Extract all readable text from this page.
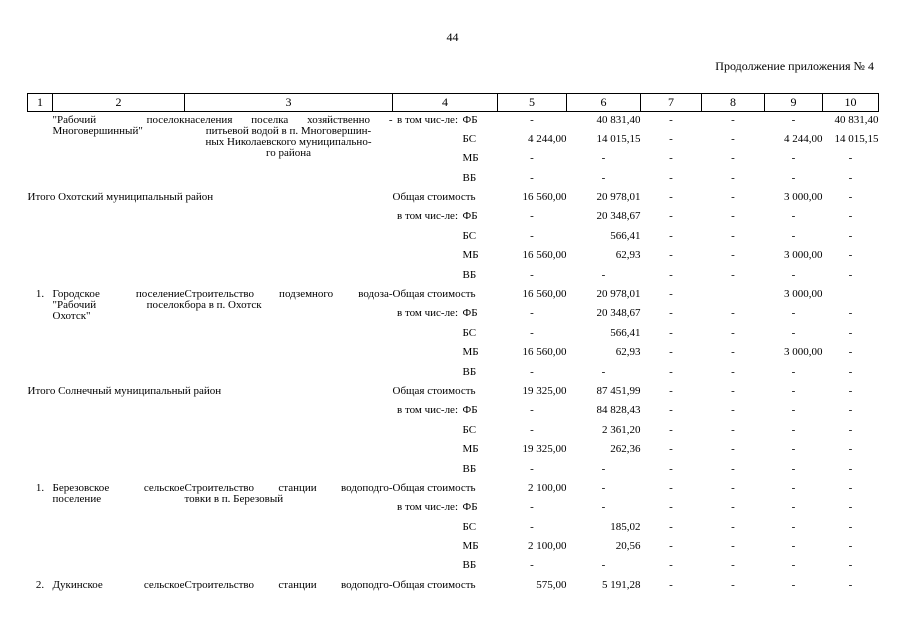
44
Продолжение приложения № 4
1	2	3	4		5	6	7	8	9	10

	"Рабочий поселок
Многовершинный"	населения поселка хозяйственно -
питьевой водой в п. Многовершин-
ных Николаевского муниципально-
го района	в том чис-ле:	ФБ	-	40 831,40	-	-	-	40 831,40
				БС	4 244,00	14 015,15	-	-	4 244,00	14 015,15
				МБ	-	-	-	-	-	-
				ВБ	-	-	-	-	-	-
Итого Охотский муниципальный район			Общая стоимость		16 560,00	20 978,01	-	-	3 000,00	-
			в том чис-ле:	ФБ	-	20 348,67	-	-	-	-
				БС	-	566,41	-	-	-	-
				МБ	16 560,00	62,93	-	-	3 000,00	-
				ВБ	-	-	-	-	-	-
1.	Городское поселение
"Рабочий поселок
Охотск"	Строительство подземного водоза-
бора в п. Охотск	Общая стоимость		16 560,00	20 978,01	-		3 000,00	
			в том чис-ле:	ФБ	-	20 348,67	-	-	-	-
				БС	-	566,41	-	-	-	-
				МБ	16 560,00	62,93	-	-	3 000,00	-
				ВБ	-	-	-	-	-	-
Итого Солнечный муниципальный район			Общая стоимость		19 325,00	87 451,99	-	-	-	-
			в том чис-ле:	ФБ	-	84 828,43	-	-	-	-
				БС	-	2 361,20	-	-	-	-
				МБ	19 325,00	262,36	-	-	-	-
				ВБ	-	-	-	-	-	-
1.	Березовское сельское
поселение	Строительство станции водоподго-
товки в п. Березовый	Общая стоимость		2 100,00	-	-	-	-	-
			в том чис-ле:	ФБ	-	-	-	-	-	-
				БС	-	185,02	-	-	-	-
				МБ	2 100,00	20,56	-	-	-	-
				ВБ	-	-	-	-	-	-
2.	Дукинское сельское	Строительство станции водоподго-	Общая стоимость		575,00	5 191,28	-	-	-	-
